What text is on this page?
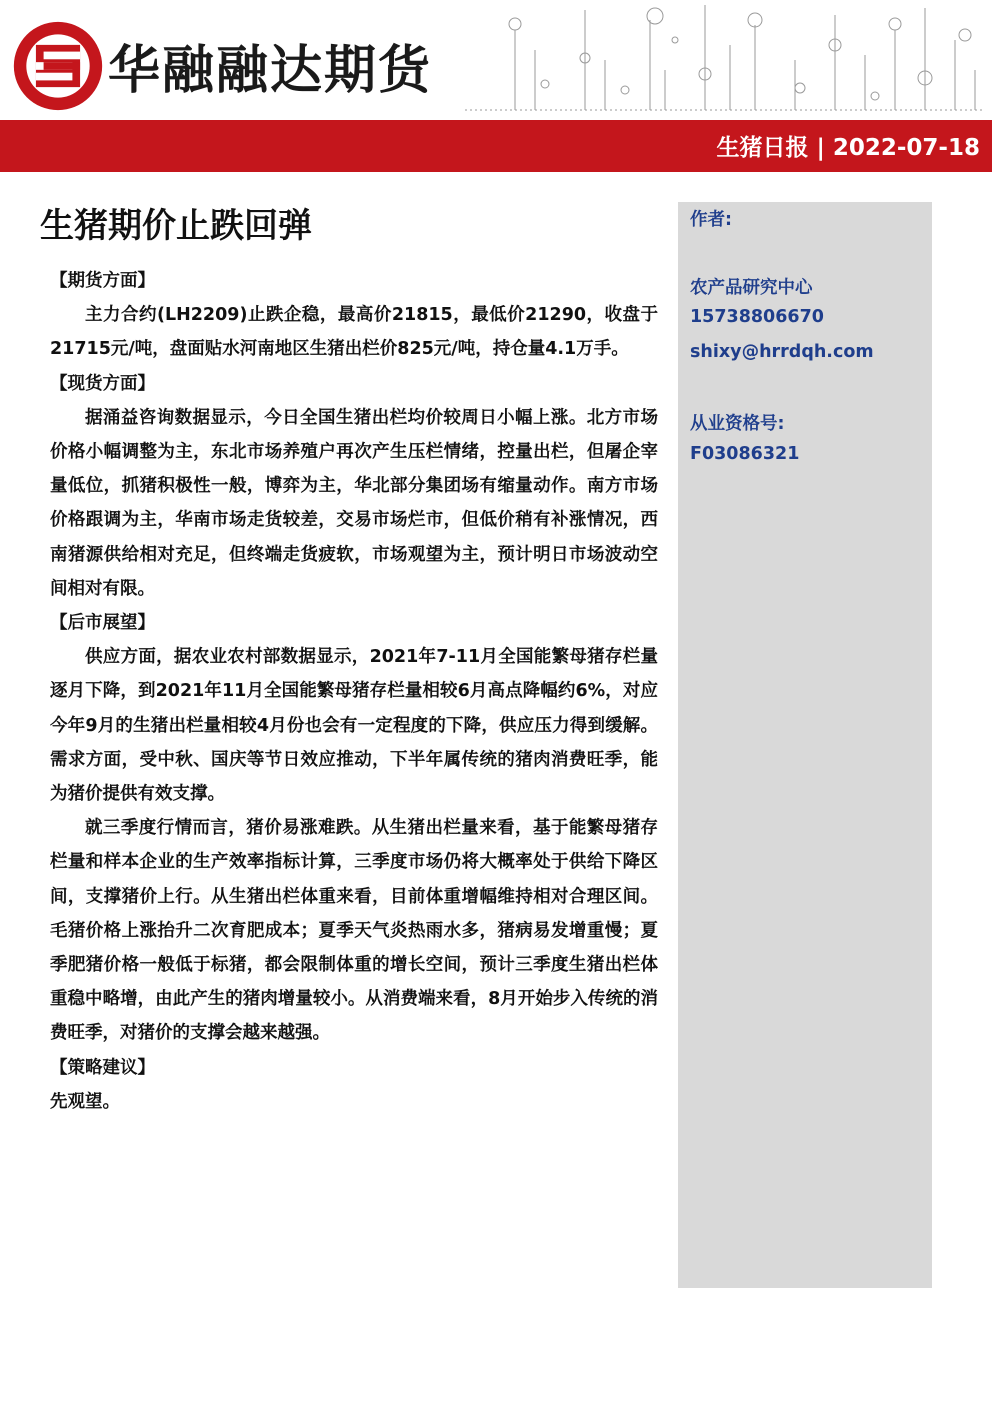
华融融达期货
生猪日报 | 2022-07-18
生猪期价止跌回弹
【期货方面】

主力合约(LH2209)止跌企稳，最高价21815，最低价21290，收盘于21715元/吨，盘面贴水河南地区生猪出栏价825元/吨，持仓量4.1万手。

【现货方面】

据涌益咨询数据显示，今日全国生猪出栏均价较周日小幅上涨。北方市场价格小幅调整为主，东北市场养殖户再次产生压栏情绪，控量出栏，但屠企宰量低位，抓猪积极性一般，博弈为主，华北部分集团场有缩量动作。南方市场价格跟调为主，华南市场走货较差，交易市场烂市，但低价稍有补涨情况，西南猪源供给相对充足，但终端走货疲软，市场观望为主，预计明日市场波动空间相对有限。

【后市展望】

供应方面，据农业农村部数据显示，2021年7-11月全国能繁母猪存栏量逐月下降，到2021年11月全国能繁母猪存栏量相较6月高点降幅约6%，对应今年9月的生猪出栏量相较4月份也会有一定程度的下降，供应压力得到缓解。需求方面，受中秋、国庆等节日效应推动，下半年属传统的猪肉消费旺季，能为猪价提供有效支撑。

就三季度行情而言，猪价易涨难跌。从生猪出栏量来看，基于能繁母猪存栏量和样本企业的生产效率指标计算，三季度市场仍将大概率处于供给下降区间，支撑猪价上行。从生猪出栏体重来看，目前体重增幅维持相对合理区间。毛猪价格上涨抬升二次育肥成本；夏季天气炎热雨水多，猪病易发增重慢；夏季肥猪价格一般低于标猪，都会限制体重的增长空间，预计三季度生猪出栏体重稳中略增，由此产生的猪肉增量较小。从消费端来看，8月开始步入传统的消费旺季，对猪价的支撑会越来越强。

【策略建议】

先观望。

作者:
农产品研究中心
15738806670
shixy@hrrdqh.com
从业资格号:
F03086321
